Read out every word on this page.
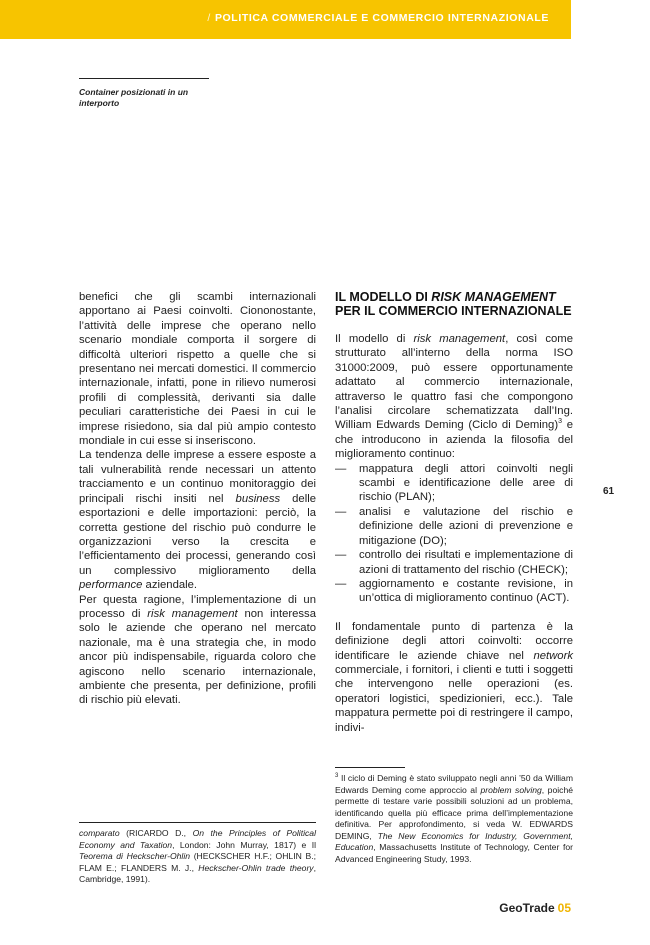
/ POLITICA COMMERCIALE E COMMERCIO INTERNAZIONALE
Container posizionati in un interporto

benefici che gli scambi internazionali apportano ai Paesi coinvolti. Ciononostante, l’attività delle imprese che operano nello scenario mondiale comporta il sorgere di difficoltà ulteriori rispetto a quelle che si presentano nei mercati domestici. Il commercio internazionale, infatti, pone in rilievo numerosi profili di complessità, derivanti sia dalle peculiari caratteristiche dei Paesi in cui le imprese risiedono, sia dal più ampio contesto mondiale in cui esse si inseriscono.

La tendenza delle imprese a essere esposte a tali vulnerabilità rende necessari un attento tracciamento e un continuo monitoraggio dei principali rischi insiti nel business delle esportazioni e delle importazioni: perciò, la corretta gestione del rischio può condurre le organizzazioni verso la crescita e l’efficientamento dei processi, generando così un complessivo miglioramento della performance aziendale.

Per questa ragione, l’implementazione di un processo di risk management non interessa solo le aziende che operano nel mercato nazionale, ma è una strategia che, in modo ancor più indispensabile, riguarda coloro che agiscono nello scenario internazionale, ambiente che presenta, per definizione, profili di rischio più elevati.

IL MODELLO DI RISK MANAGEMENT PER IL COMMERCIO INTERNAZIONALE

Il modello di risk management, così come strutturato all’interno della norma ISO 31000:2009, può essere opportunamente adattato al commercio internazionale, attraverso le quattro fasi che compongono l’analisi circolare schematizzata dall’Ing. William Edwards Deming (Ciclo di Deming)$^3$ e che introducono in azienda la filosofia del miglioramento continuo:

— mappatura degli attori coinvolti negli scambi e identificazione delle aree di rischio (PLAN);
— analisi e valutazione del rischio e definizione delle azioni di prevenzione e mitigazione (DO);
— controllo dei risultati e implementazione di azioni di trattamento del rischio (CHECK);
— aggiornamento e costante revisione, in un’ottica di miglioramento continuo (ACT).

Il fondamentale punto di partenza è la definizione degli attori coinvolti: occorre identificare le aziende chiave nel network commerciale, i fornitori, i clienti e tutti i soggetti che intervengono nelle operazioni (es. operatori logistici, spedizionieri, ecc.). Tale mappatura permette poi di restringere il campo, indivi-

$^3$ Il ciclo di Deming è stato sviluppato negli anni ’50 da William Edwards Deming come approccio al problem solving, poiché permette di testare varie possibili soluzioni ad un problema, identificando quella più efficace prima dell’implementazione definitiva. Per approfondimento, si veda W. EDWARDS DEMING, The New Economics for Industry, Government, Education, Massachusetts Institute of Technology, Center for Advanced Engineering Study, 1993.
comparato (RICARDO D., On the Principles of Political Economy and Taxation, London: John Murray, 1817) e Il Teorema di Heckscher-Ohlin (HECKSCHER H.F.; OHLIN B.; FLAM E.; FLANDERS M. J., Heckscher-Ohlin trade theory, Cambridge, 1991).
61
GeoTrade 05
